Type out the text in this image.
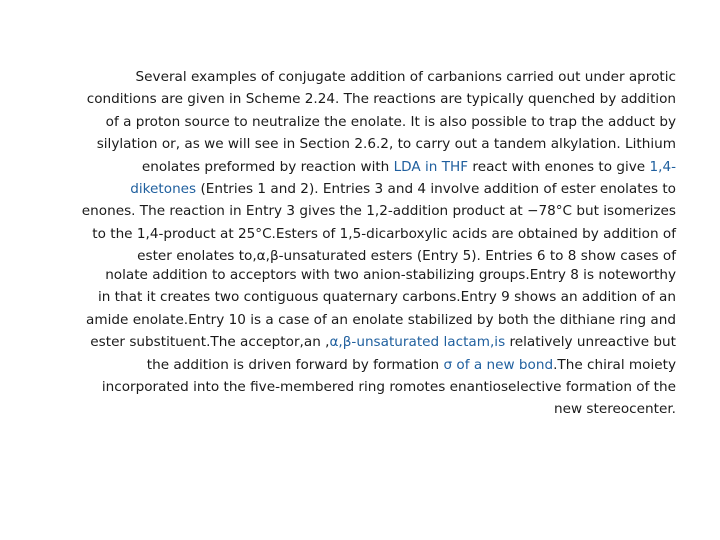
Several examples of conjugate addition of carbanions carried out under aprotic
conditions are given in Scheme 2.24. The reactions are typically quenched by addition
of a proton source to neutralize the enolate. It is also possible to trap the adduct by
silylation or, as we will see in Section 2.6.2, to carry out a tandem alkylation. Lithium
enolates preformed by reaction with LDA in THF react with enones to give 1,4-
diketones (Entries 1 and 2). Entries 3 and 4 involve addition of ester enolates to
enones. The reaction in Entry 3 gives the 1,2-addition product at −78°C but isomerizes
to the 1,4-product at 25°C.Esters of 1,5-dicarboxylic acids are obtained by addition of
ester enolates to,α,β-unsaturated esters (Entry 5). Entries 6 to 8 show cases of
nolate addition to acceptors with two anion-stabilizing groups.Entry 8 is noteworthy
in that it creates two contiguous quaternary carbons.Entry 9 shows an addition of an
amide enolate.Entry 10 is a case of an enolate stabilized by both the dithiane ring and
ester substituent.The acceptor,an ,α,β-unsaturated lactam,is relatively unreactive but
the addition is driven forward by formation σ of a new bond.The chiral moiety
incorporated into the five-membered ring romotes enantioselective formation of the
new stereocenter.
